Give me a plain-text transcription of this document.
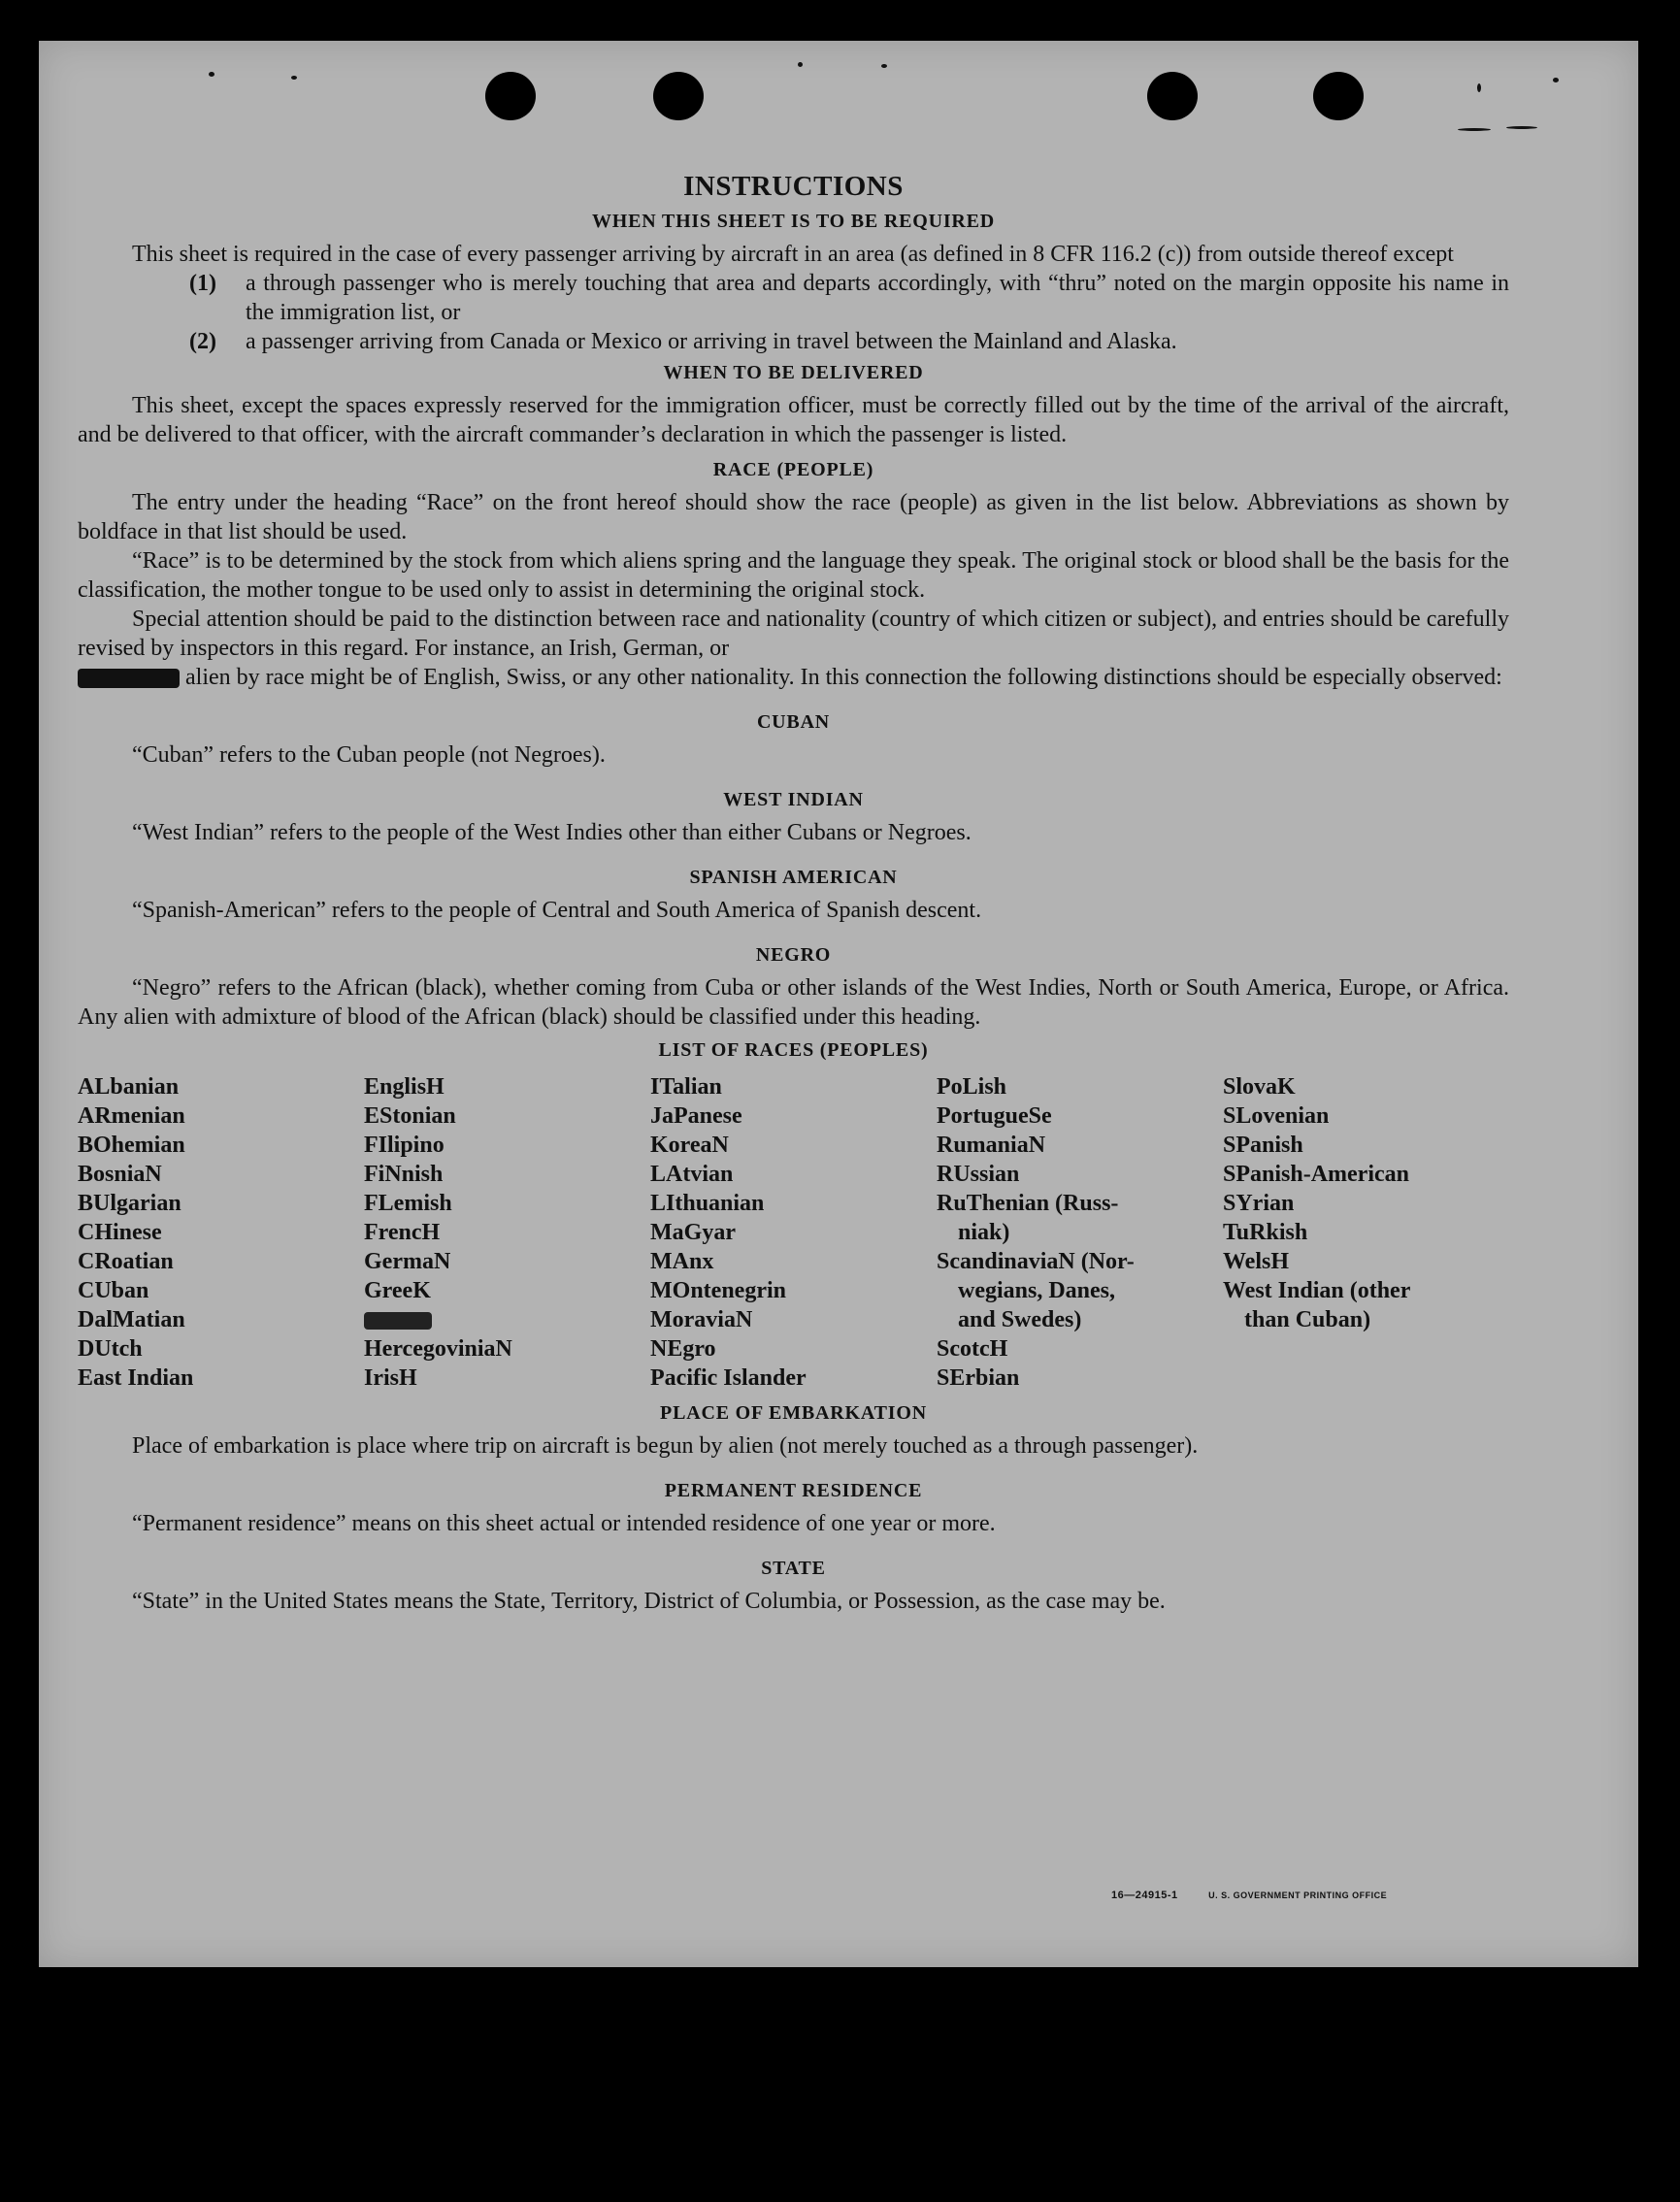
INSTRUCTIONS
WHEN THIS SHEET IS TO BE REQUIRED

This sheet is required in the case of every passenger arriving by aircraft in an area (as defined in 8 CFR 116.2 (c)) from outside thereof except

(1)	a through passenger who is merely touching that area and departs accordingly, with “thru” noted on the margin opposite his name in the immigration list, or
(2)	a passenger arriving from Canada or Mexico or arriving in travel between the Mainland and Alaska.
WHEN TO BE DELIVERED

This sheet, except the spaces expressly reserved for the immigration officer, must be correctly filled out by the time of the arrival of the aircraft, and be delivered to that officer, with the aircraft commander’s declaration in which the passenger is listed.

RACE (PEOPLE)

The entry under the heading “Race” on the front hereof should show the race (people) as given in the list below. Abbreviations as shown by boldface in that list should be used.

“Race” is to be determined by the stock from which aliens spring and the language they speak. The original stock or blood shall be the basis for the classification, the mother tongue to be used only to assist in determining the original stock.

Special attention should be paid to the distinction between race and nationality (country of which citizen or subject), and entries should be carefully revised by inspectors in this regard. For instance, an Irish, German, or
alien by race might be of English, Swiss, or any other nationality. In this connection the following distinctions should be especially observed:

CUBAN

“Cuban” refers to the Cuban people (not Negroes).

WEST INDIAN

“West Indian” refers to the people of the West Indies other than either Cubans or Negroes.

SPANISH AMERICAN

“Spanish-American” refers to the people of Central and South America of Spanish descent.

NEGRO

“Negro” refers to the African (black), whether coming from Cuba or other islands of the West Indies, North or South America, Europe, or Africa. Any alien with admixture of blood of the African (black) should be classified under this heading.

LIST OF RACES (PEOPLES)
ALbanian
ARmenian
BOhemian
BosniaN
BUlgarian
CHinese
CRoatian
CUban
DalMatian
DUtch
East Indian
EnglisH
EStonian
FIlipino
FiNnish
FLemish
FrencH
GermaN
GreeK
HercegoviniaN
IrisH
ITalian
JaPanese
KoreaN
LAtvian
LIthuanian
MaGyar
MAnx
MOntenegrin
MoraviaN
NEgro
Pacific Islander
PoLish
PortugueSe
RumaniaN
RUssian
RuThenian (Russ-
niak)
ScandinaviaN (Nor-
wegians, Danes,
and Swedes)
ScotcH
SErbian
SlovaK
SLovenian
SPanish
SPanish-American
SYrian
TuRkish
WelsH
West Indian (other
than Cuban)
PLACE OF EMBARKATION

Place of embarkation is place where trip on aircraft is begun by alien (not merely touched as a through passenger).

PERMANENT RESIDENCE

“Permanent residence” means on this sheet actual or intended residence of one year or more.

STATE

“State” in the United States means the State, Territory, District of Columbia, or Possession, as the case may be.

16—24915-1	U. S. GOVERNMENT PRINTING OFFICE
